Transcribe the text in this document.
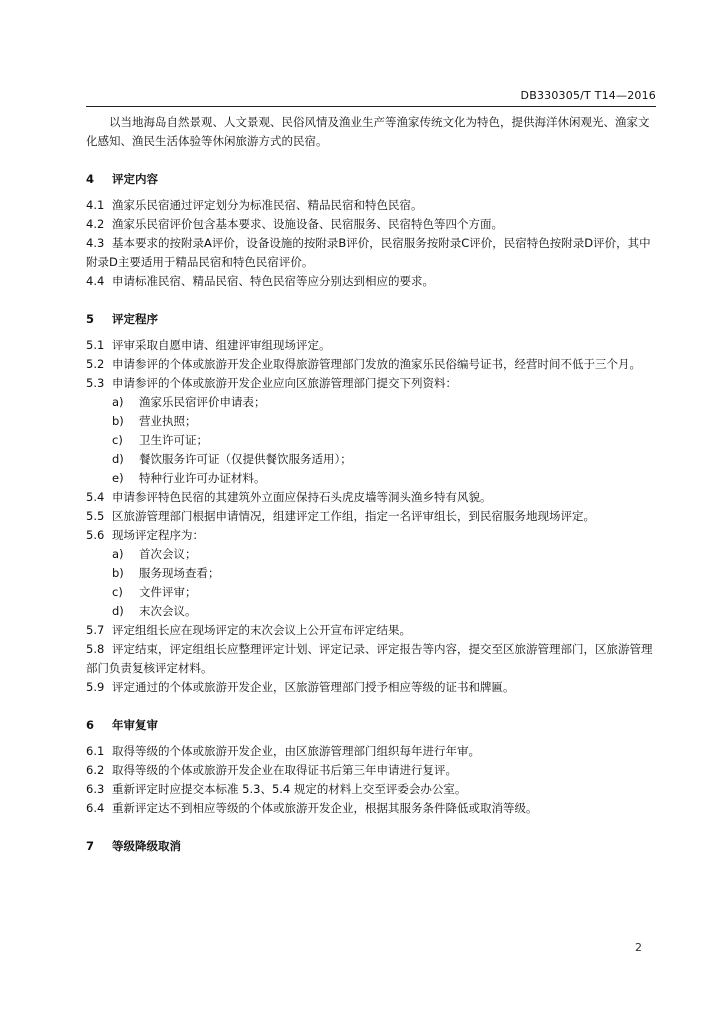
DB330305/T T14—2016

以当地海岛自然景观、人文景观、民俗风情及渔业生产等渔家传统文化为特色，提供海洋休闲观光、渔家文化感知、渔民生活体验等休闲旅游方式的民宿。

4 评定内容

4.1 渔家乐民宿通过评定划分为标准民宿、精品民宿和特色民宿。

4.2 渔家乐民宿评价包含基本要求、设施设备、民宿服务、民宿特色等四个方面。

4.3 基本要求的按附录A评价，设备设施的按附录B评价，民宿服务按附录C评价，民宿特色按附录D评价，其中附录D主要适用于精品民宿和特色民宿评价。

4.4 申请标准民宿、精品民宿、特色民宿等应分别达到相应的要求。

5 评定程序

5.1 评审采取自愿申请、组建评审组现场评定。

5.2 申请参评的个体或旅游开发企业取得旅游管理部门发放的渔家乐民俗编号证书，经营时间不低于三个月。

5.3 申请参评的个体或旅游开发企业应向区旅游管理部门提交下列资料：

a) 渔家乐民宿评价申请表；
b) 营业执照；
c) 卫生许可证；
d) 餐饮服务许可证（仅提供餐饮服务适用）；
e) 特种行业许可办证材料。

5.4 申请参评特色民宿的其建筑外立面应保持石头虎皮墙等洞头渔乡特有风貌。

5.5 区旅游管理部门根据申请情况，组建评定工作组，指定一名评审组长，到民宿服务地现场评定。

5.6 现场评定程序为：

a) 首次会议；
b) 服务现场查看；
c) 文件评审；
d) 末次会议。

5.7 评定组组长应在现场评定的末次会议上公开宣布评定结果。

5.8 评定结束，评定组组长应整理评定计划、评定记录、评定报告等内容，提交至区旅游管理部门，区旅游管理部门负责复核评定材料。

5.9 评定通过的个体或旅游开发企业，区旅游管理部门授予相应等级的证书和牌匾。

6 年审复审

6.1 取得等级的个体或旅游开发企业，由区旅游管理部门组织每年进行年审。

6.2 取得等级的个体或旅游开发企业在取得证书后第三年申请进行复评。

6.3 重新评定时应提交本标准 5.3、5.4 规定的材料上交至评委会办公室。

6.4 重新评定达不到相应等级的个体或旅游开发企业，根据其服务条件降低或取消等级。

7 等级降级取消

2
